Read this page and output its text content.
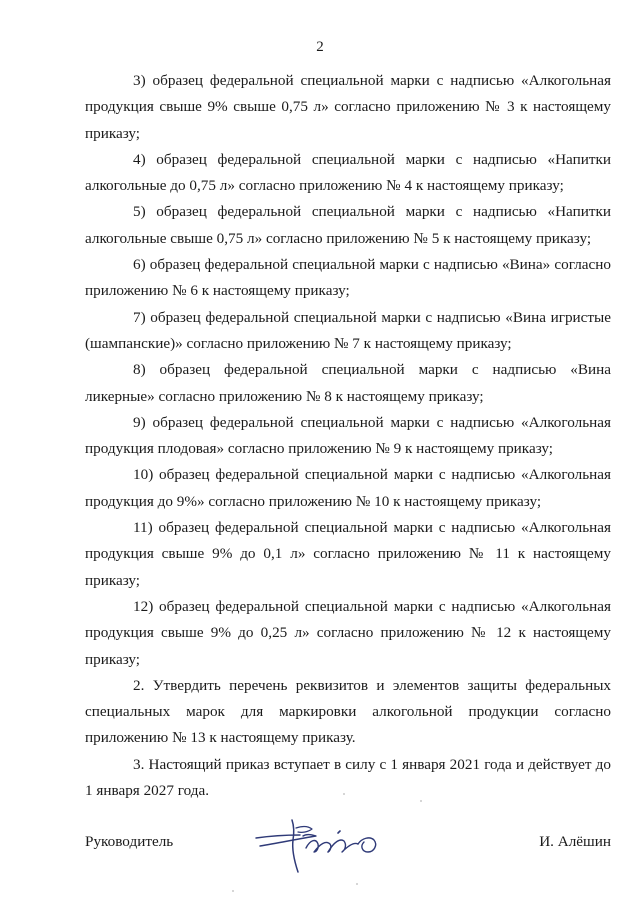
2

3) образец федеральной специальной марки с надписью «Алкогольная продукция свыше 9% свыше 0,75 л» согласно приложению № 3 к настоящему приказу;

4) образец федеральной специальной марки с надписью «Напитки алкогольные до 0,75 л» согласно приложению № 4 к настоящему приказу;

5) образец федеральной специальной марки с надписью «Напитки алкогольные свыше 0,75 л» согласно приложению № 5 к настоящему приказу;

6) образец федеральной специальной марки с надписью «Вина» согласно приложению № 6 к настоящему приказу;

7) образец федеральной специальной марки с надписью «Вина игристые (шампанские)» согласно приложению № 7 к настоящему приказу;

8) образец федеральной специальной марки с надписью «Вина ликерные» согласно приложению № 8 к настоящему приказу;

9) образец федеральной специальной марки с надписью «Алкогольная продукция плодовая» согласно приложению № 9 к настоящему приказу;

10) образец федеральной специальной марки с надписью «Алкогольная продукция до 9%» согласно приложению № 10 к настоящему приказу;

11) образец федеральной специальной марки с надписью «Алкогольная продукция свыше 9% до 0,1 л» согласно приложению № 11 к настоящему приказу;

12) образец федеральной специальной марки с надписью «Алкогольная продукция свыше 9% до 0,25 л» согласно приложению № 12 к настоящему приказу;

2. Утвердить перечень реквизитов и элементов защиты федеральных специальных марок для маркировки алкогольной продукции согласно приложению № 13 к настоящему приказу.

3. Настоящий приказ вступает в силу с 1 января 2021 года и действует до 1 января 2027 года.

Руководитель	И. Алёшин
